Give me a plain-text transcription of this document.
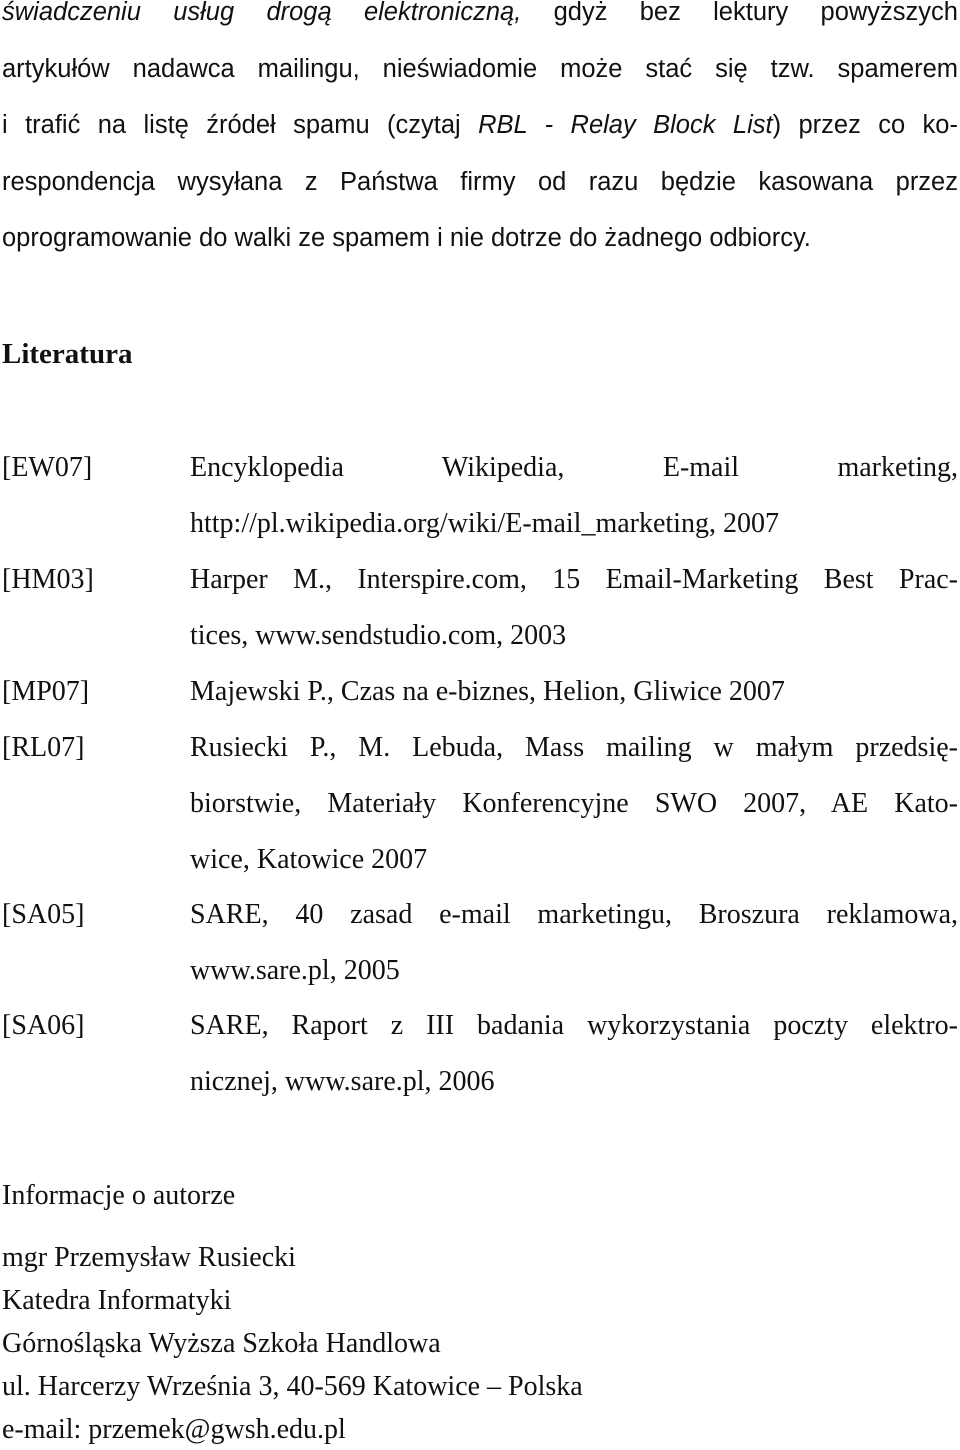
świadczeniu usług drogą elektroniczną, gdyż bez lektury powyższych
artykułów nadawca mailingu, nieświadomie może stać się tzw. spamerem
i trafić na listę źródeł spamu (czytaj RBL - Relay Block List) przez co ko-
respondencja wysyłana z Państwa firmy od razu będzie kasowana przez
oprogramowanie do walki ze spamem i nie dotrze do żadnego odbiorcy.
Literatura
[EW07]	Encyklopedia Wikipedia, E-mail marketing,
http://pl.wikipedia.org/wiki/E-mail_marketing, 2007
[HM03]	Harper M., Interspire.com, 15 Email-Marketing Best Prac-
tices, www.sendstudio.com, 2003
[MP07]	Majewski P., Czas na e-biznes, Helion, Gliwice 2007
[RL07]	Rusiecki P., M. Lebuda, Mass mailing w małym przedsię-
biorstwie, Materiały Konferencyjne SWO 2007, AE Kato-
wice, Katowice 2007
[SA05]	SARE, 40 zasad e-mail marketingu, Broszura reklamowa,
www.sare.pl, 2005
[SA06]	SARE, Raport z III badania wykorzystania poczty elektro-
nicznej, www.sare.pl, 2006
Informacje o autorze
mgr Przemysław Rusiecki
Katedra Informatyki
Górnośląska Wyższa Szkoła Handlowa
ul. Harcerzy Września 3, 40-569 Katowice – Polska
e-mail: przemek@gwsh.edu.pl
